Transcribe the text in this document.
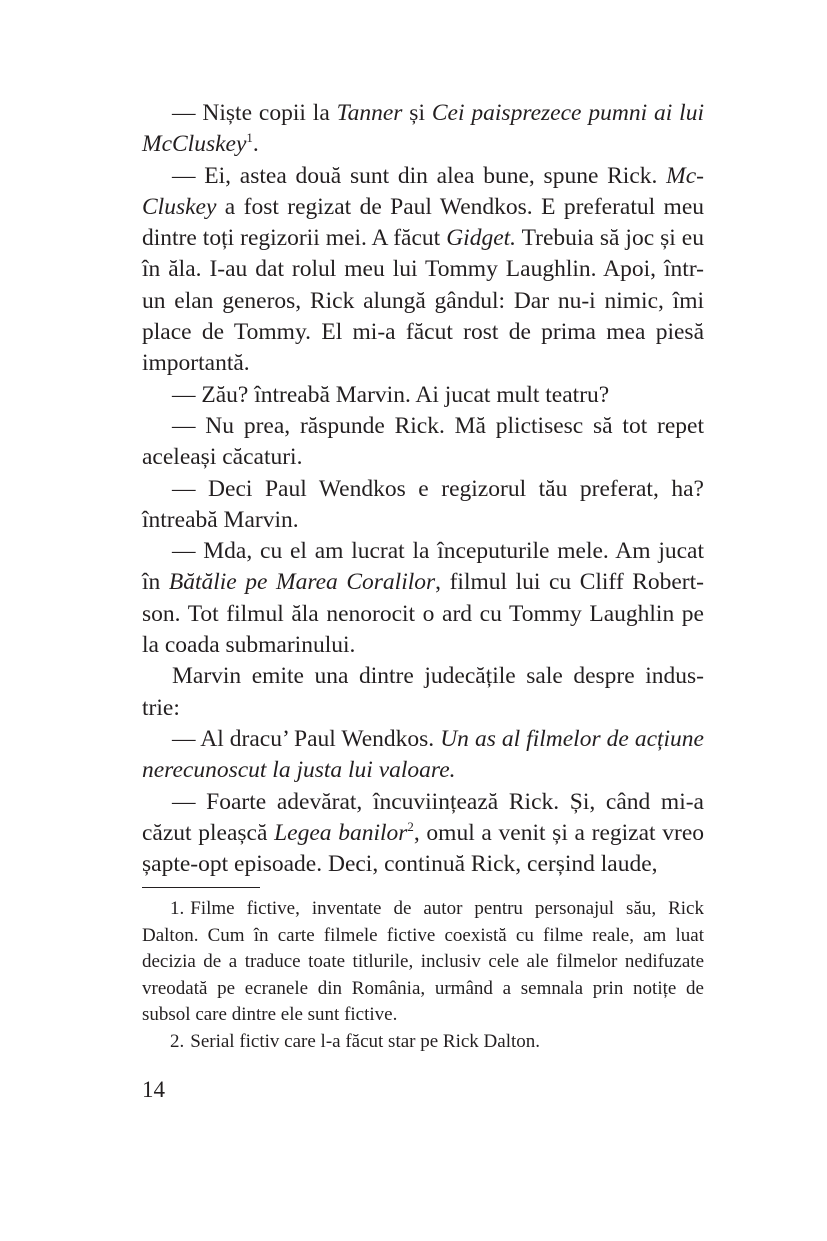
— Niște copii la Tanner și Cei paisprezece pumni ai lui McCluskey$^1$.

— Ei, astea două sunt din alea bune, spune Rick. Mc-Cluskey a fost regizat de Paul Wendkos. E preferatul meu dintre toți regizorii mei. A făcut Gidget. Trebuia să joc și eu în ăla. I-au dat rolul meu lui Tommy Laughlin. Apoi, într-un elan generos, Rick alungă gândul: Dar nu-i nimic, îmi place de Tommy. El mi-a făcut rost de prima mea piesă importantă.

— Zău? întreabă Marvin. Ai jucat mult teatru?

— Nu prea, răspunde Rick. Mă plictisesc să tot repet aceleași căcaturi.

— Deci Paul Wendkos e regizorul tău preferat, ha? întreabă Marvin.

— Mda, cu el am lucrat la începuturile mele. Am jucat în Bătălie pe Marea Coralilor, filmul lui cu Cliff Robert-son. Tot filmul ăla nenorocit o ard cu Tommy Laughlin pe la coada submarinului.

Marvin emite una dintre judecățile sale despre indus-trie:

— Al dracu’ Paul Wendkos. Un as al filmelor de acțiune nerecunoscut la justa lui valoare.

— Foarte adevărat, încuviințează Rick. Și, când mi-a căzut pleașcă Legea banilor$^2$, omul a venit și a regizat vreo șapte-opt episoade. Deci, continuă Rick, cerșind laude,

1. Filme fictive, inventate de autor pentru personajul său, Rick Dalton. Cum în carte filmele fictive coexistă cu filme reale, am luat decizia de a traduce toate titlurile, inclusiv cele ale filmelor nedifuzate vreodată pe ecranele din România, urmând a semnala prin notițe de subsol care dintre ele sunt fictive.

2. Serial fictiv care l-a făcut star pe Rick Dalton.

14
